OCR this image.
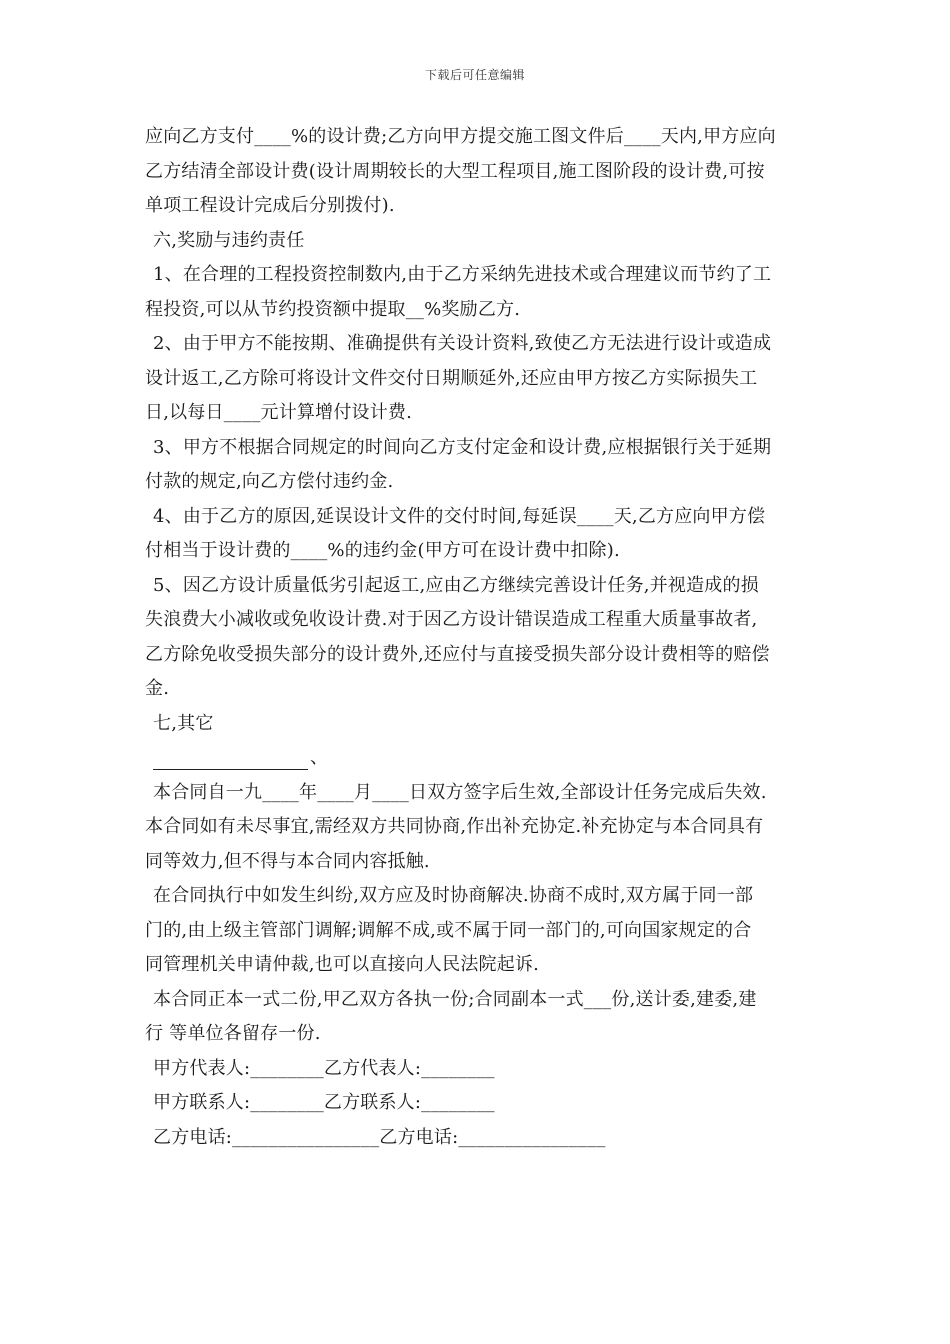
下载后可任意编辑
应向乙方支付____%的设计费;乙方向甲方提交施工图文件后____天内,甲方应向
乙方结清全部设计费(设计周期较长的大型工程项目,施工图阶段的设计费,可按
单项工程设计完成后分别拨付).
六,奖励与违约责任
1、在合理的工程投资控制数内,由于乙方采纳先进技术或合理建议而节约了工
程投资,可以从节约投资额中提取__%奖励乙方.
2、由于甲方不能按期、准确提供有关设计资料,致使乙方无法进行设计或造成
设计返工,乙方除可将设计文件交付日期顺延外,还应由甲方按乙方实际损失工
日,以每日____元计算增付设计费.
3、甲方不根据合同规定的时间向乙方支付定金和设计费,应根据银行关于延期
付款的规定,向乙方偿付违约金.
4、由于乙方的原因,延误设计文件的交付时间,每延误____天,乙方应向甲方偿
付相当于设计费的____%的违约金(甲方可在设计费中扣除).
5、因乙方设计质量低劣引起返工,应由乙方继续完善设计任务,并视造成的损
失浪费大小减收或免收设计费.对于因乙方设计错误造成工程重大质量事故者,
乙方除免收受损失部分的设计费外,还应付与直接受损失部分设计费相等的赔偿
金.
七,其它
、
本合同自一九____年____月____日双方签字后生效,全部设计任务完成后失效.
本合同如有未尽事宜,需经双方共同协商,作出补充协定.补充协定与本合同具有
同等效力,但不得与本合同内容抵触.
在合同执行中如发生纠纷,双方应及时协商解决.协商不成时,双方属于同一部
门的,由上级主管部门调解;调解不成,或不属于同一部门的,可向国家规定的合
同管理机关申请仲裁,也可以直接向人民法院起诉.
本合同正本一式二份,甲乙双方各执一份;合同副本一式___份,送计委,建委,建
行 等单位各留存一份.
甲方代表人:________乙方代表人:________
甲方联系人:________乙方联系人:________
乙方电话:________________乙方电话:________________
